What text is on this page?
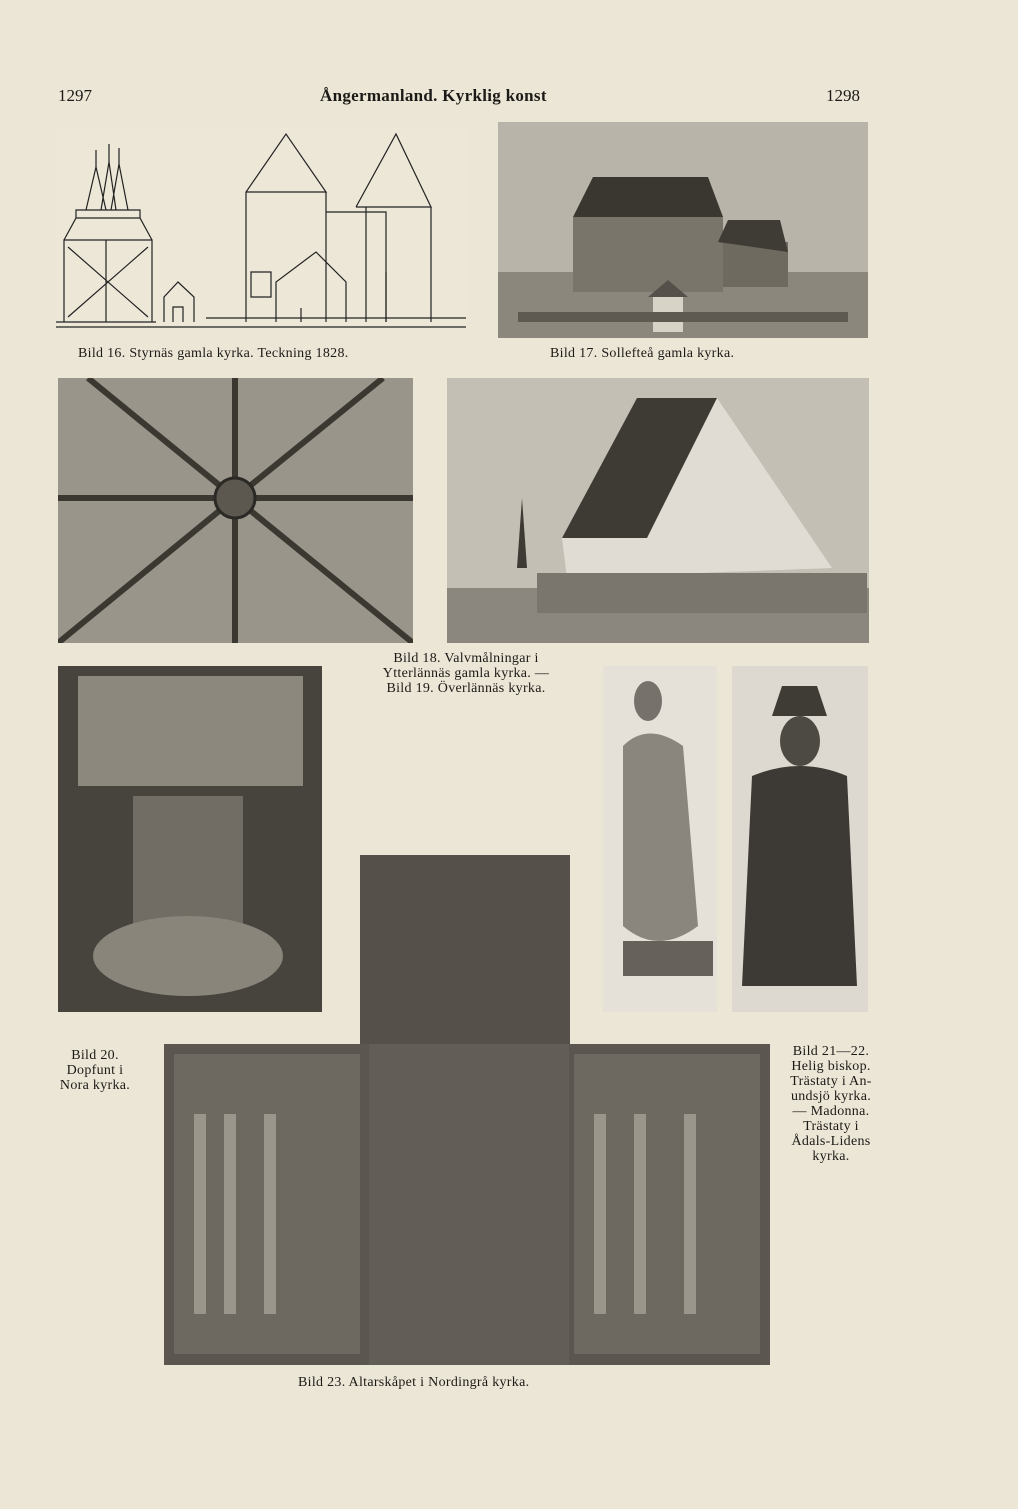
1297	Ångermanland. Kyrklig konst	1298
Bild 16. Styrnäs gamla kyrka. Teckning 1828.	Bild 17. Sollefteå gamla kyrka.
Bild 18. Valvmålningar i
Ytterlännäs gamla kyrka. —
Bild 19. Överlännäs kyrka.
Bild 20.
Dopfunt i
Nora kyrka.
Bild 21—22.
Helig biskop.
Trästaty i An-
undsjö kyrka.
— Madonna.
Trästaty i
Ådals-Lidens
kyrka.
Bild 23. Altarskåpet i Nordingrå kyrka.
